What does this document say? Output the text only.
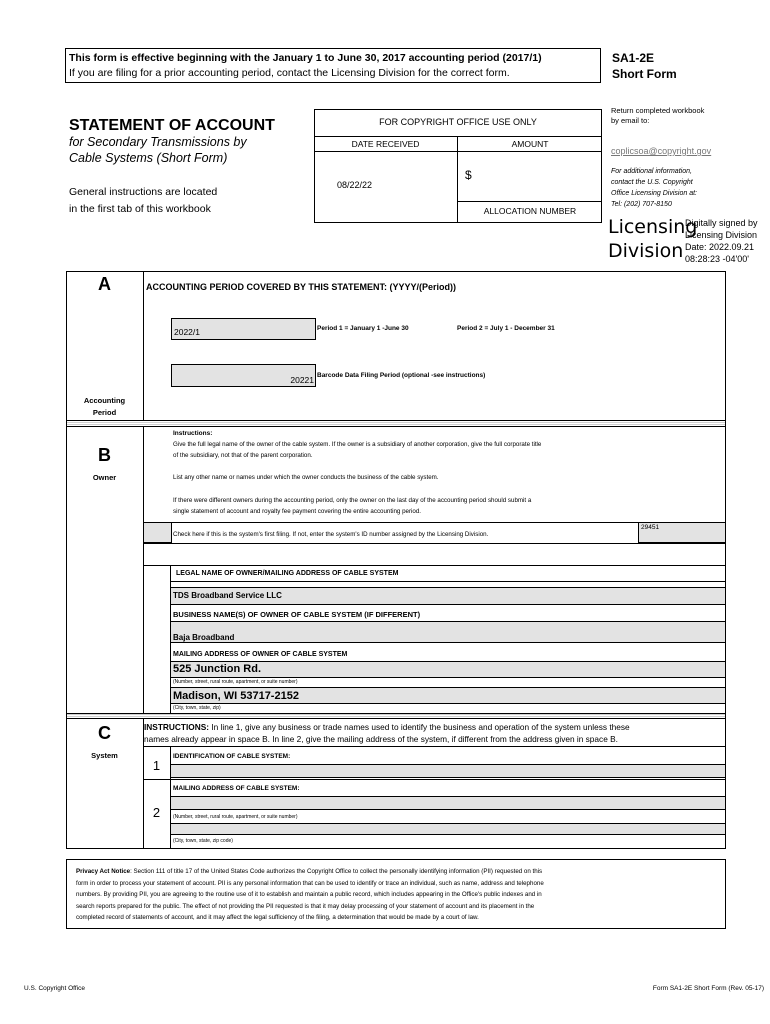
This form is effective beginning with the January 1 to June 30, 2017 accounting period (2017/1)
If you are filing for a prior accounting period, contact the Licensing Division for the correct form.
SA1-2E
Short Form
STATEMENT OF ACCOUNT
for Secondary Transmissions by
Cable Systems (Short Form)
General instructions are located
in the first tab of this workbook
FOR COPYRIGHT OFFICE USE ONLY
DATE RECEIVED	AMOUNT
08/22/22
$
ALLOCATION NUMBER
Return completed workbook
by email to:
coplicsoa@copyright.gov
For additional information,
contact the U.S. Copyright
Office Licensing Division at:
Tel: (202) 707-8150
Licensing
Division
Digitally signed by
Licensing Division
Date: 2022.09.21
08:28:23 -04'00'
A	ACCOUNTING PERIOD COVERED BY THIS STATEMENT: (YYYY/(Period))
2022/1	Period 1 = January 1 -June 30	Period 2 = July 1 - December 31
20221 Barcode Data Filing Period (optional -see instructions)
Accounting
Period
B
Owner
Instructions:
Give the full legal name of the owner of the cable system. If the owner is a subsidiary of another corporation, give the full corporate title
of the subsidiary, not that of the parent corporation.
List any other name or names under which the owner conducts the business of the cable system.
If there were different owners during the accounting period, only the owner on the last day of the accounting period should submit a
single statement of account and royalty fee payment covering the entire accounting period.
Check here if this is the system's first filing. If not, enter the system's ID number assigned by the Licensing Division.
29451
LEGAL NAME OF OWNER/MAILING ADDRESS OF CABLE SYSTEM
TDS Broadband Service LLC
BUSINESS NAME(S) OF OWNER OF CABLE SYSTEM (IF DIFFERENT)
Baja Broadband
MAILING ADDRESS OF OWNER OF CABLE SYSTEM
525 Junction Rd.
(Number, street, rural route, apartment, or suite number)
Madison, WI 53717-2152
(City, town, state, zip)
C
System
INSTRUCTIONS: In line 1, give any business or trade names used to identify the business and operation of the system unless these
names already appear in space B. In line 2, give the mailing address of the system, if different from the address given in space B.
1
IDENTIFICATION OF CABLE SYSTEM:
MAILING ADDRESS OF CABLE SYSTEM:
2	(Number, street, rural route, apartment, or suite number)
(City, town, state, zip code)
Privacy Act Notice: Section 111 of title 17 of the United States Code authorizes the Copyright Office to collect the personally identifying information (PII) requested on this
form in order to process your statement of account. PII is any personal information that can be used to identify or trace an individual, such as name, address and telephone
numbers. By providing PII, you are agreeing to the routine use of it to establish and maintain a public record, which includes appearing in the Office's public indexes and in
search reports prepared for the public. The effect of not providing the PII requested is that it may delay processing of your statement of account and its placement in the
completed record of statements of account, and it may affect the legal sufficiency of the filing, a determination that would be made by a court of law.
U.S. Copyright Office	Form SA1-2E Short Form (Rev. 05-17)
